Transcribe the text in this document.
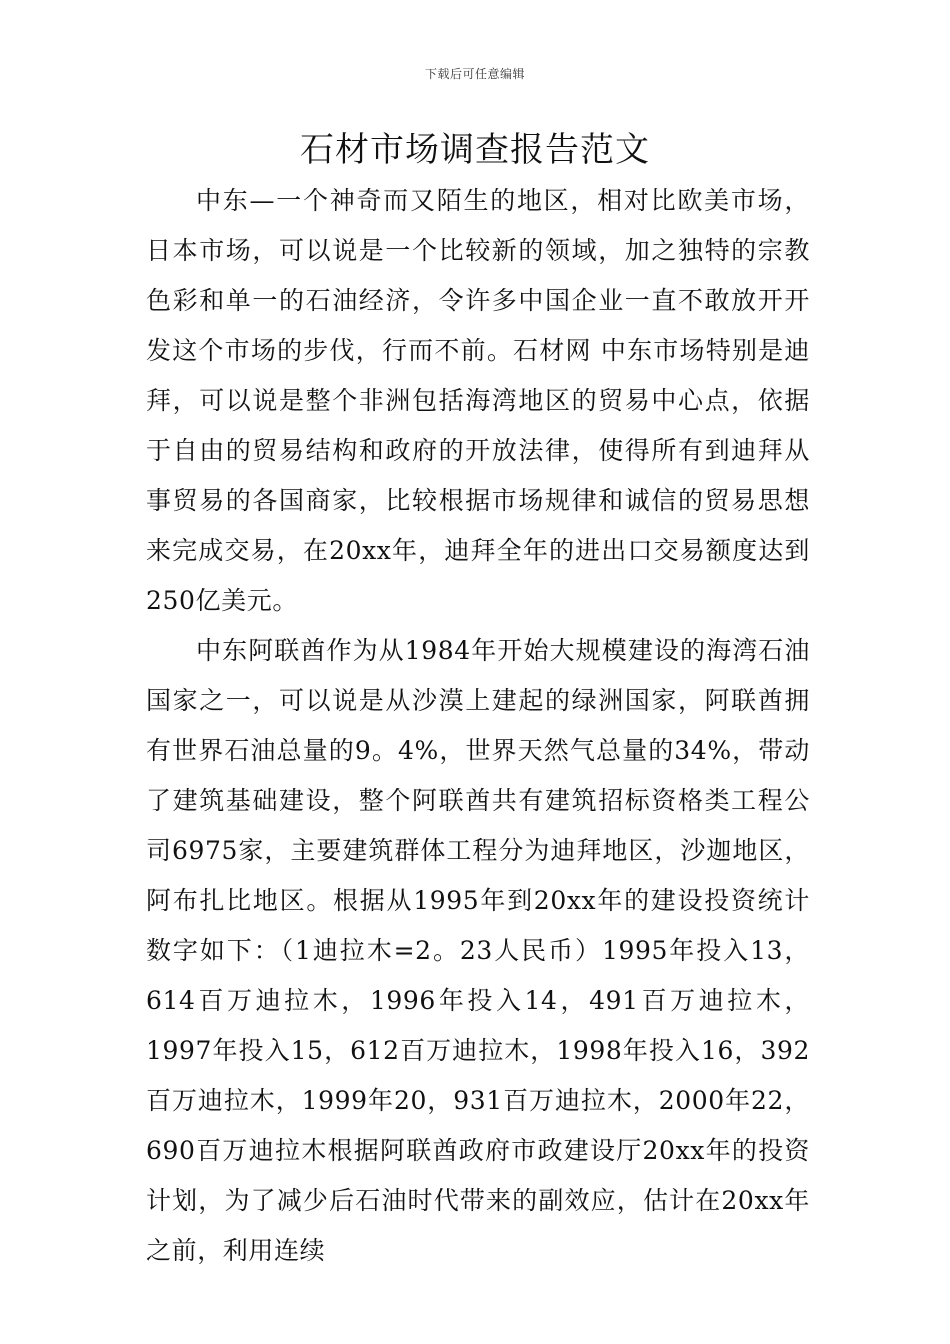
下载后可任意编辑
石材市场调查报告范文

中东—一个神奇而又陌生的地区，相对比欧美市场，日本市场，可以说是一个比较新的领域，加之独特的宗教色彩和单一的石油经济，令许多中国企业一直不敢放开开发这个市场的步伐，行而不前。石材网 中东市场特别是迪拜，可以说是整个非洲包括海湾地区的贸易中心点，依据于自由的贸易结构和政府的开放法律，使得所有到迪拜从事贸易的各国商家，比较根据市场规律和诚信的贸易思想来完成交易，在20xx年，迪拜全年的进出口交易额度达到250亿美元。

中东阿联酋作为从1984年开始大规模建设的海湾石油国家之一，可以说是从沙漠上建起的绿洲国家，阿联酋拥有世界石油总量的9。4%，世界天然气总量的34%，带动了建筑基础建设，整个阿联酋共有建筑招标资格类工程公司6975家，主要建筑群体工程分为迪拜地区，沙迦地区，阿布扎比地区。根据从1995年到20xx年的建设投资统计数字如下：（1迪拉木=2。23人民币）1995年投入13，614百万迪拉木，1996年投入14，491百万迪拉木，1997年投入15，612百万迪拉木，1998年投入16，392百万迪拉木，1999年20，931百万迪拉木，2000年22，690百万迪拉木根据阿联酋政府市政建设厅20xx年的投资计划，为了减少后石油时代带来的副效应，估计在20xx年之前，利用连续
